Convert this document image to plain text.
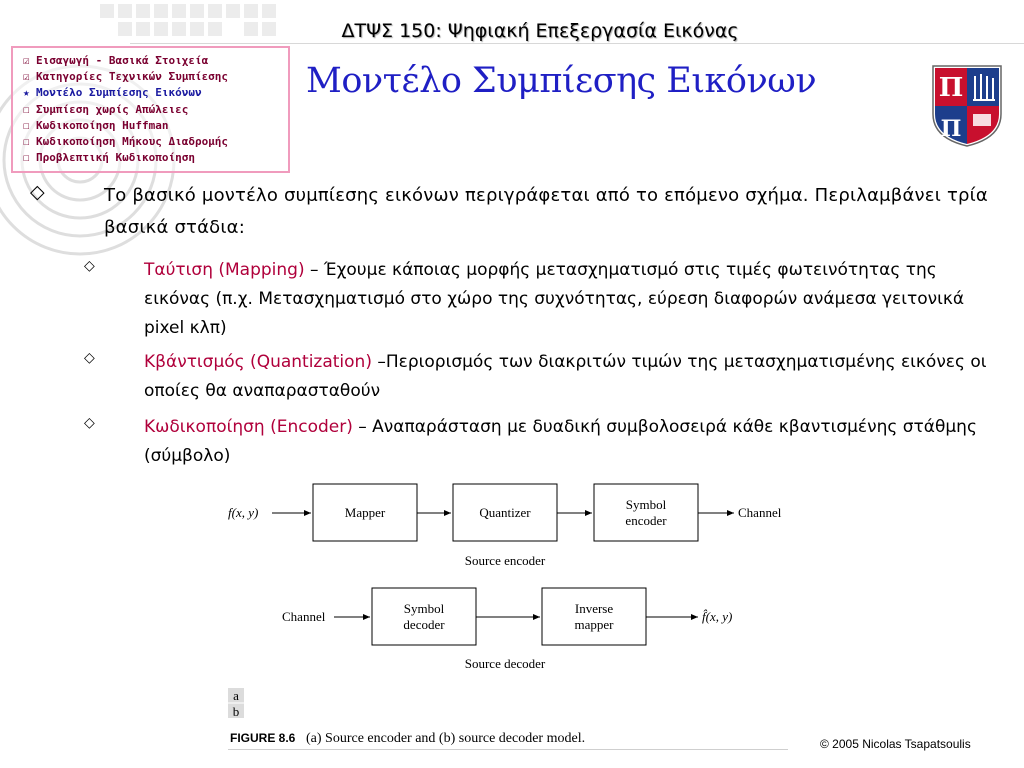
ΔΤΨΣ 150: Ψηφιακή Επεξεργασία Εικόνας
☑ Εισαγωγή - Βασικά Στοιχεία
☑ Κατηγορίες Τεχνικών Συμπίεσης
★ Μοντέλο Συμπίεσης Εικόνων
☐ Συμπίεση χωρίς Απώλειες
☐ Κωδικοποίηση Huffman
☐ Κωδικοποίηση Μήκους Διαδρομής
☐ Προβλεπτική Κωδικοποίηση
Μοντέλο Συμπίεσης Εικόνων	Π
Π
◇	Το βασικό μοντέλο συμπίεσης εικόνων περιγράφεται από το επόμενο σχήμα. Περιλαμβάνει τρία βασικά στάδια:
◇	Ταύτιση (Mapping) – Έχουμε κάποιας μορφής μετασχηματισμό στις τιμές φωτεινότητας της εικόνας (π.χ. Μετασχηματισμό στο χώρο της συχνότητας, εύρεση διαφορών ανάμεσα γειτονικά pixel κλπ)
◇	Κβάντισμός (Quantization) –Περιορισμός των διακριτών τιμών της μετασχηματισμένης εικόνες οι οποίες θα αναπαρασταθούν
◇	Κωδικοποίηση (Encoder) – Αναπαράσταση με δυαδική συμβολοσειρά κάθε κβαντισμένης στάθμης (σύμβολο)
f(x, y)	Mapper	Quantizer
Symbol
encoder
Channel
Source encoder
Channel
Symbol
decoder
Inverse
mapper
f̂(x, y)
Source decoder
a
b
FIGURE 8.6 (a) Source encoder and (b) source decoder model.	© 2005 Nicolas Tsapatsoulis
